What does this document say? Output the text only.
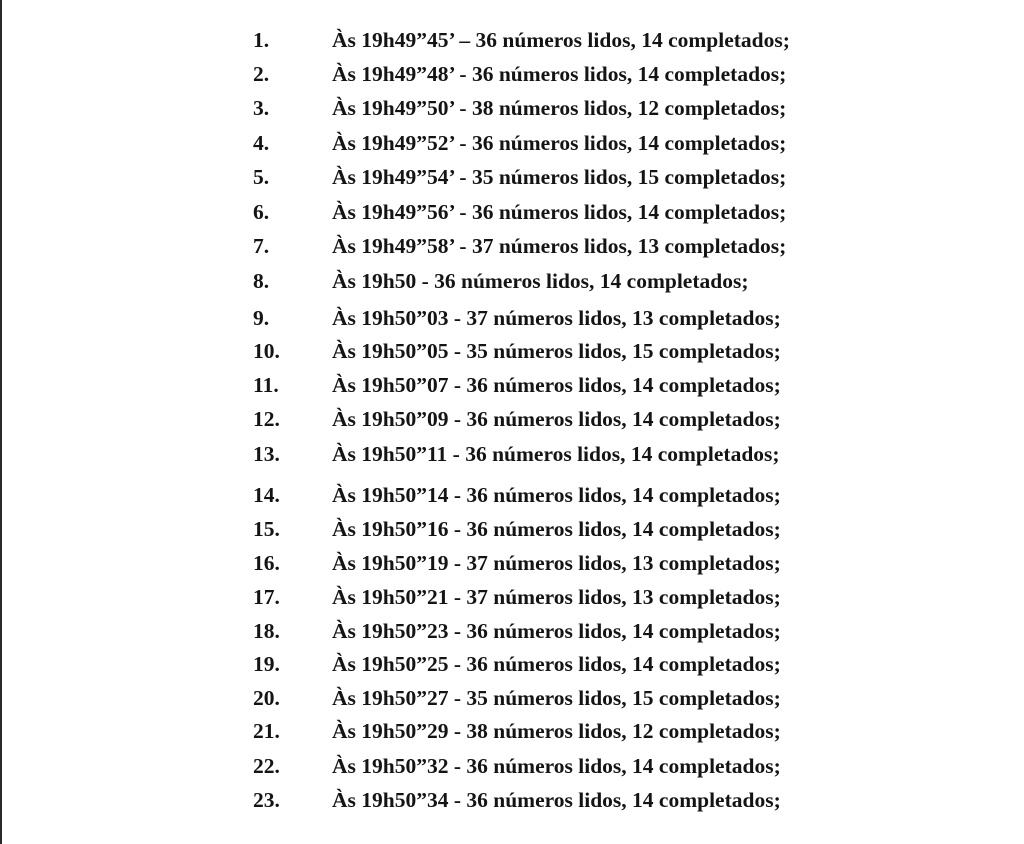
1.	Às 19h49”45’ – 36 números lidos, 14 completados;
2.	Às 19h49”48’ - 36 números lidos, 14 completados;
3.	Às 19h49”50’ - 38 números lidos, 12 completados;
4.	Às 19h49”52’ - 36 números lidos, 14 completados;
5.	Às 19h49”54’ - 35 números lidos, 15 completados;
6.	Às 19h49”56’ - 36 números lidos, 14 completados;
7.	Às 19h49”58’ - 37 números lidos, 13 completados;
8.	Às 19h50 - 36 números lidos, 14 completados;
9.	Às 19h50”03 - 37 números lidos, 13 completados;
10. Às 19h50”05 - 35 números lidos, 15 completados;
11. Às 19h50”07 - 36 números lidos, 14 completados;
12. Às 19h50”09 - 36 números lidos, 14 completados;
13. Às 19h50”11 - 36 números lidos, 14 completados;
14. Às 19h50”14 - 36 números lidos, 14 completados;
15. Às 19h50”16 - 36 números lidos, 14 completados;
16. Às 19h50”19 - 37 números lidos, 13 completados;
17. Às 19h50”21 - 37 números lidos, 13 completados;
18. Às 19h50”23 - 36 números lidos, 14 completados;
19. Às 19h50”25 - 36 números lidos, 14 completados;
20. Às 19h50”27 - 35 números lidos, 15 completados;
21. Às 19h50”29 - 38 números lidos, 12 completados;
22. Às 19h50”32 - 36 números lidos, 14 completados;
23. Às 19h50”34 - 36 números lidos, 14 completados;
